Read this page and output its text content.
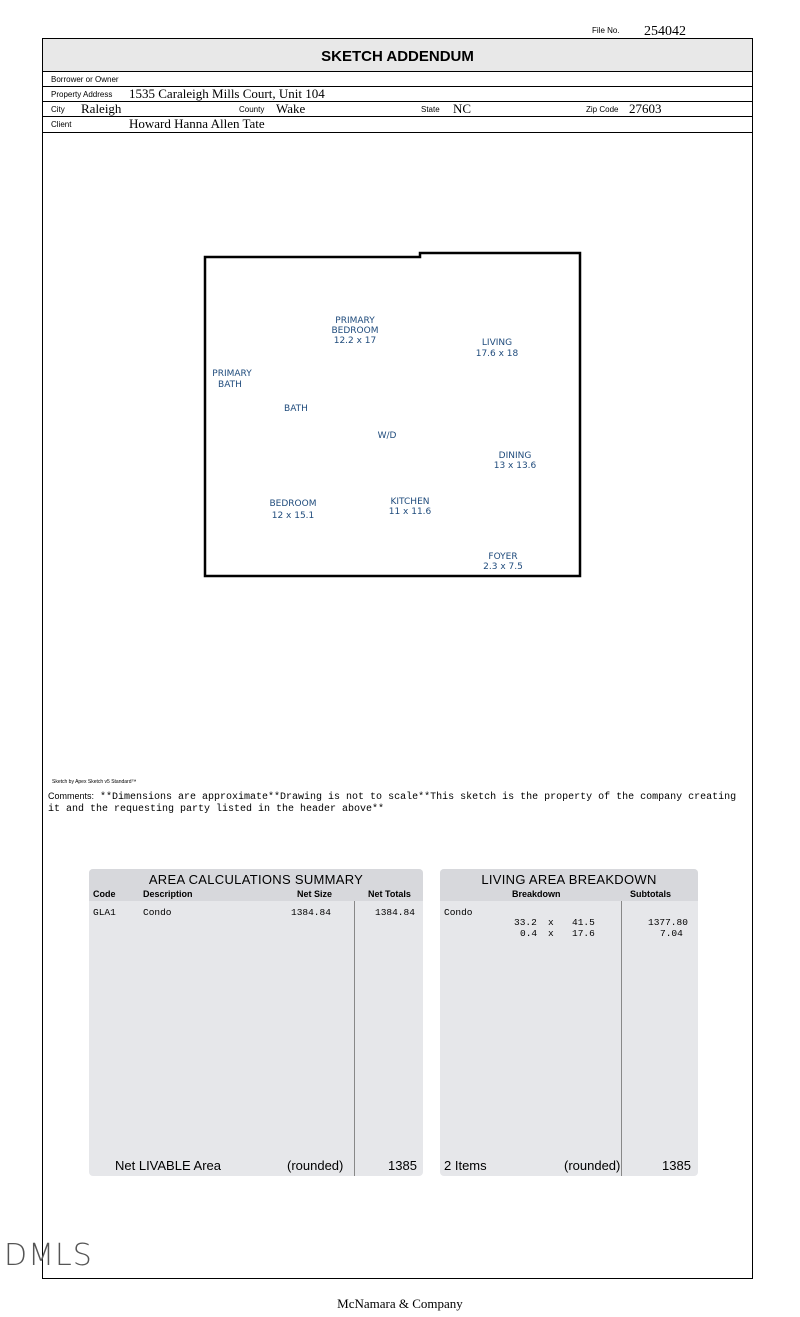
File No. 254042
SKETCH ADDENDUM
Borrower or Owner
Property Address 1535 Caraleigh Mills Court, Unit 104
City Raleigh	County Wake	State NC	Zip Code 27603
Client	Howard Hanna Allen Tate
PRIMARY
BEDROOM
12.2 x 17	LIVING
17.6 x 18
PRIMARY
BATH
BATH
W/D
DINING
13 x 13.6
BEDROOM
12 x 15.1
KITCHEN
11 x 11.6
FOYER
2.3 x 7.5
Sketch by Apex Sketch v5 Standard™
Comments: **Dimensions are approximate**Drawing is not to scale**This sketch is the property of the company creating it and the requesting party listed in the header above**
AREA CALCULATIONS SUMMARY
Code	Description	Net Size	Net Totals
GLA1	Condo	1384.84	1384.84
Net LIVABLE Area	(rounded)	1385
LIVING AREA BREAKDOWN
Breakdown	Subtotals
Condo
33.2 x 41.5	1377.80
0.4 x 17.6	7.04
2 Items	(rounded)	1385
DMLS
McNamara & Company
